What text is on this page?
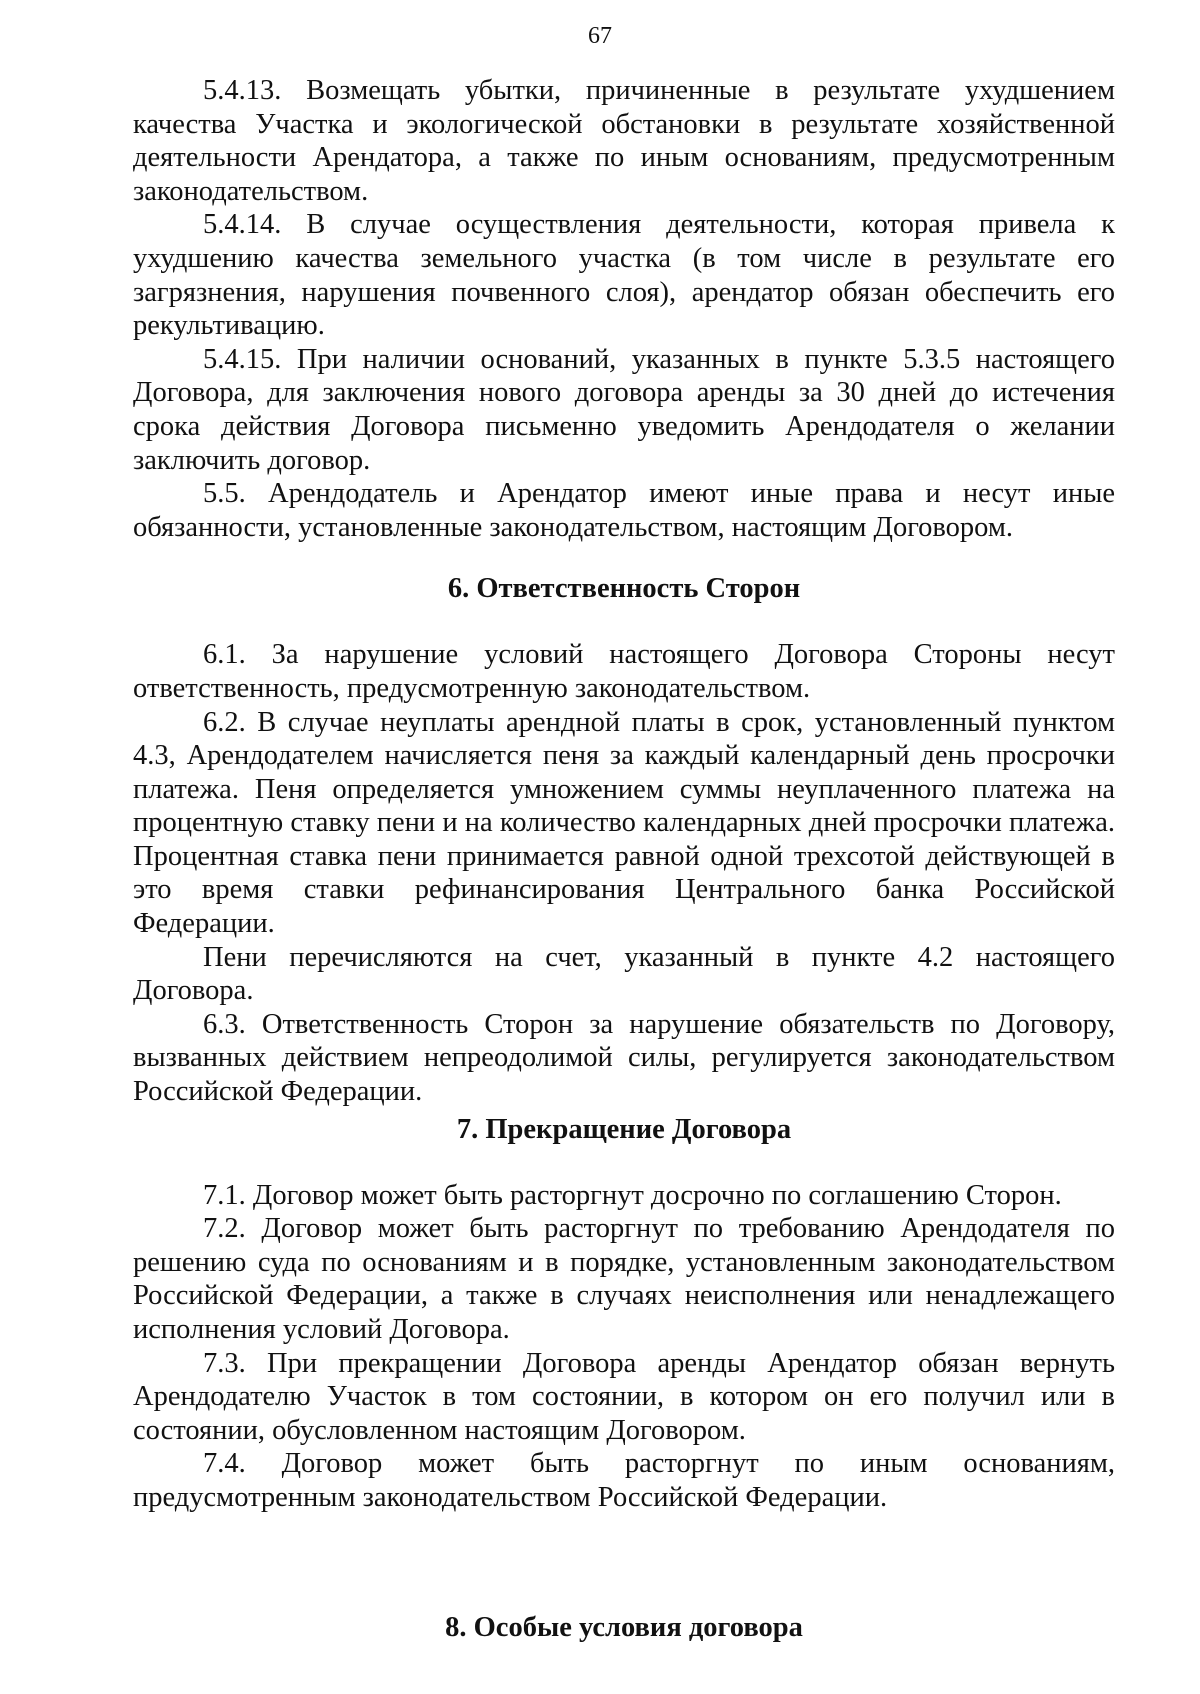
67

5.4.13. Возмещать убытки, причиненные в результате ухудшением качества Участка и экологической обстановки в результате хозяйственной деятельности Арендатора, а также по иным основаниям, предусмотренным законодательством.

5.4.14. В случае осуществления деятельности, которая привела к ухудшению качества земельного участка (в том числе в результате его загрязнения, нарушения почвенного слоя), арендатор обязан обеспечить его рекультивацию.

5.4.15. При наличии оснований, указанных в пункте 5.3.5 настоящего Договора, для заключения нового договора аренды за 30 дней до истечения срока действия Договора письменно уведомить Арендодателя о желании заключить договор.

5.5. Арендодатель и Арендатор имеют иные права и несут иные обязанности, установленные законодательством, настоящим Договором.

6. Ответственность Сторон

6.1. За нарушение условий настоящего Договора Стороны несут ответственность, предусмотренную законодательством.

6.2. В случае неуплаты арендной платы в срок, установленный пунктом 4.3, Арендодателем начисляется пеня за каждый календарный день просрочки платежа. Пеня определяется умножением суммы неуплаченного платежа на процентную ставку пени и на количество календарных дней просрочки платежа. Процентная ставка пени принимается равной одной трехсотой действующей в это время ставки рефинансирования Центрального банка Российской Федерации.

Пени перечисляются на счет, указанный в пункте 4.2 настоящего Договора.

6.3. Ответственность Сторон за нарушение обязательств по Договору, вызванных действием непреодолимой силы, регулируется законодательством Российской Федерации.

7. Прекращение Договора

7.1. Договор может быть расторгнут досрочно по соглашению Сторон.

7.2. Договор может быть расторгнут по требованию Арендодателя по решению суда по основаниям и в порядке, установленным законодательством Российской Федерации, а также в случаях неисполнения или ненадлежащего исполнения условий Договора.

7.3. При прекращении Договора аренды Арендатор обязан вернуть Арендодателю Участок в том состоянии, в котором он его получил или в состоянии, обусловленном настоящим Договором.

7.4. Договор может быть расторгнут по иным основаниям, предусмотренным законодательством Российской Федерации.

8. Особые условия договора
